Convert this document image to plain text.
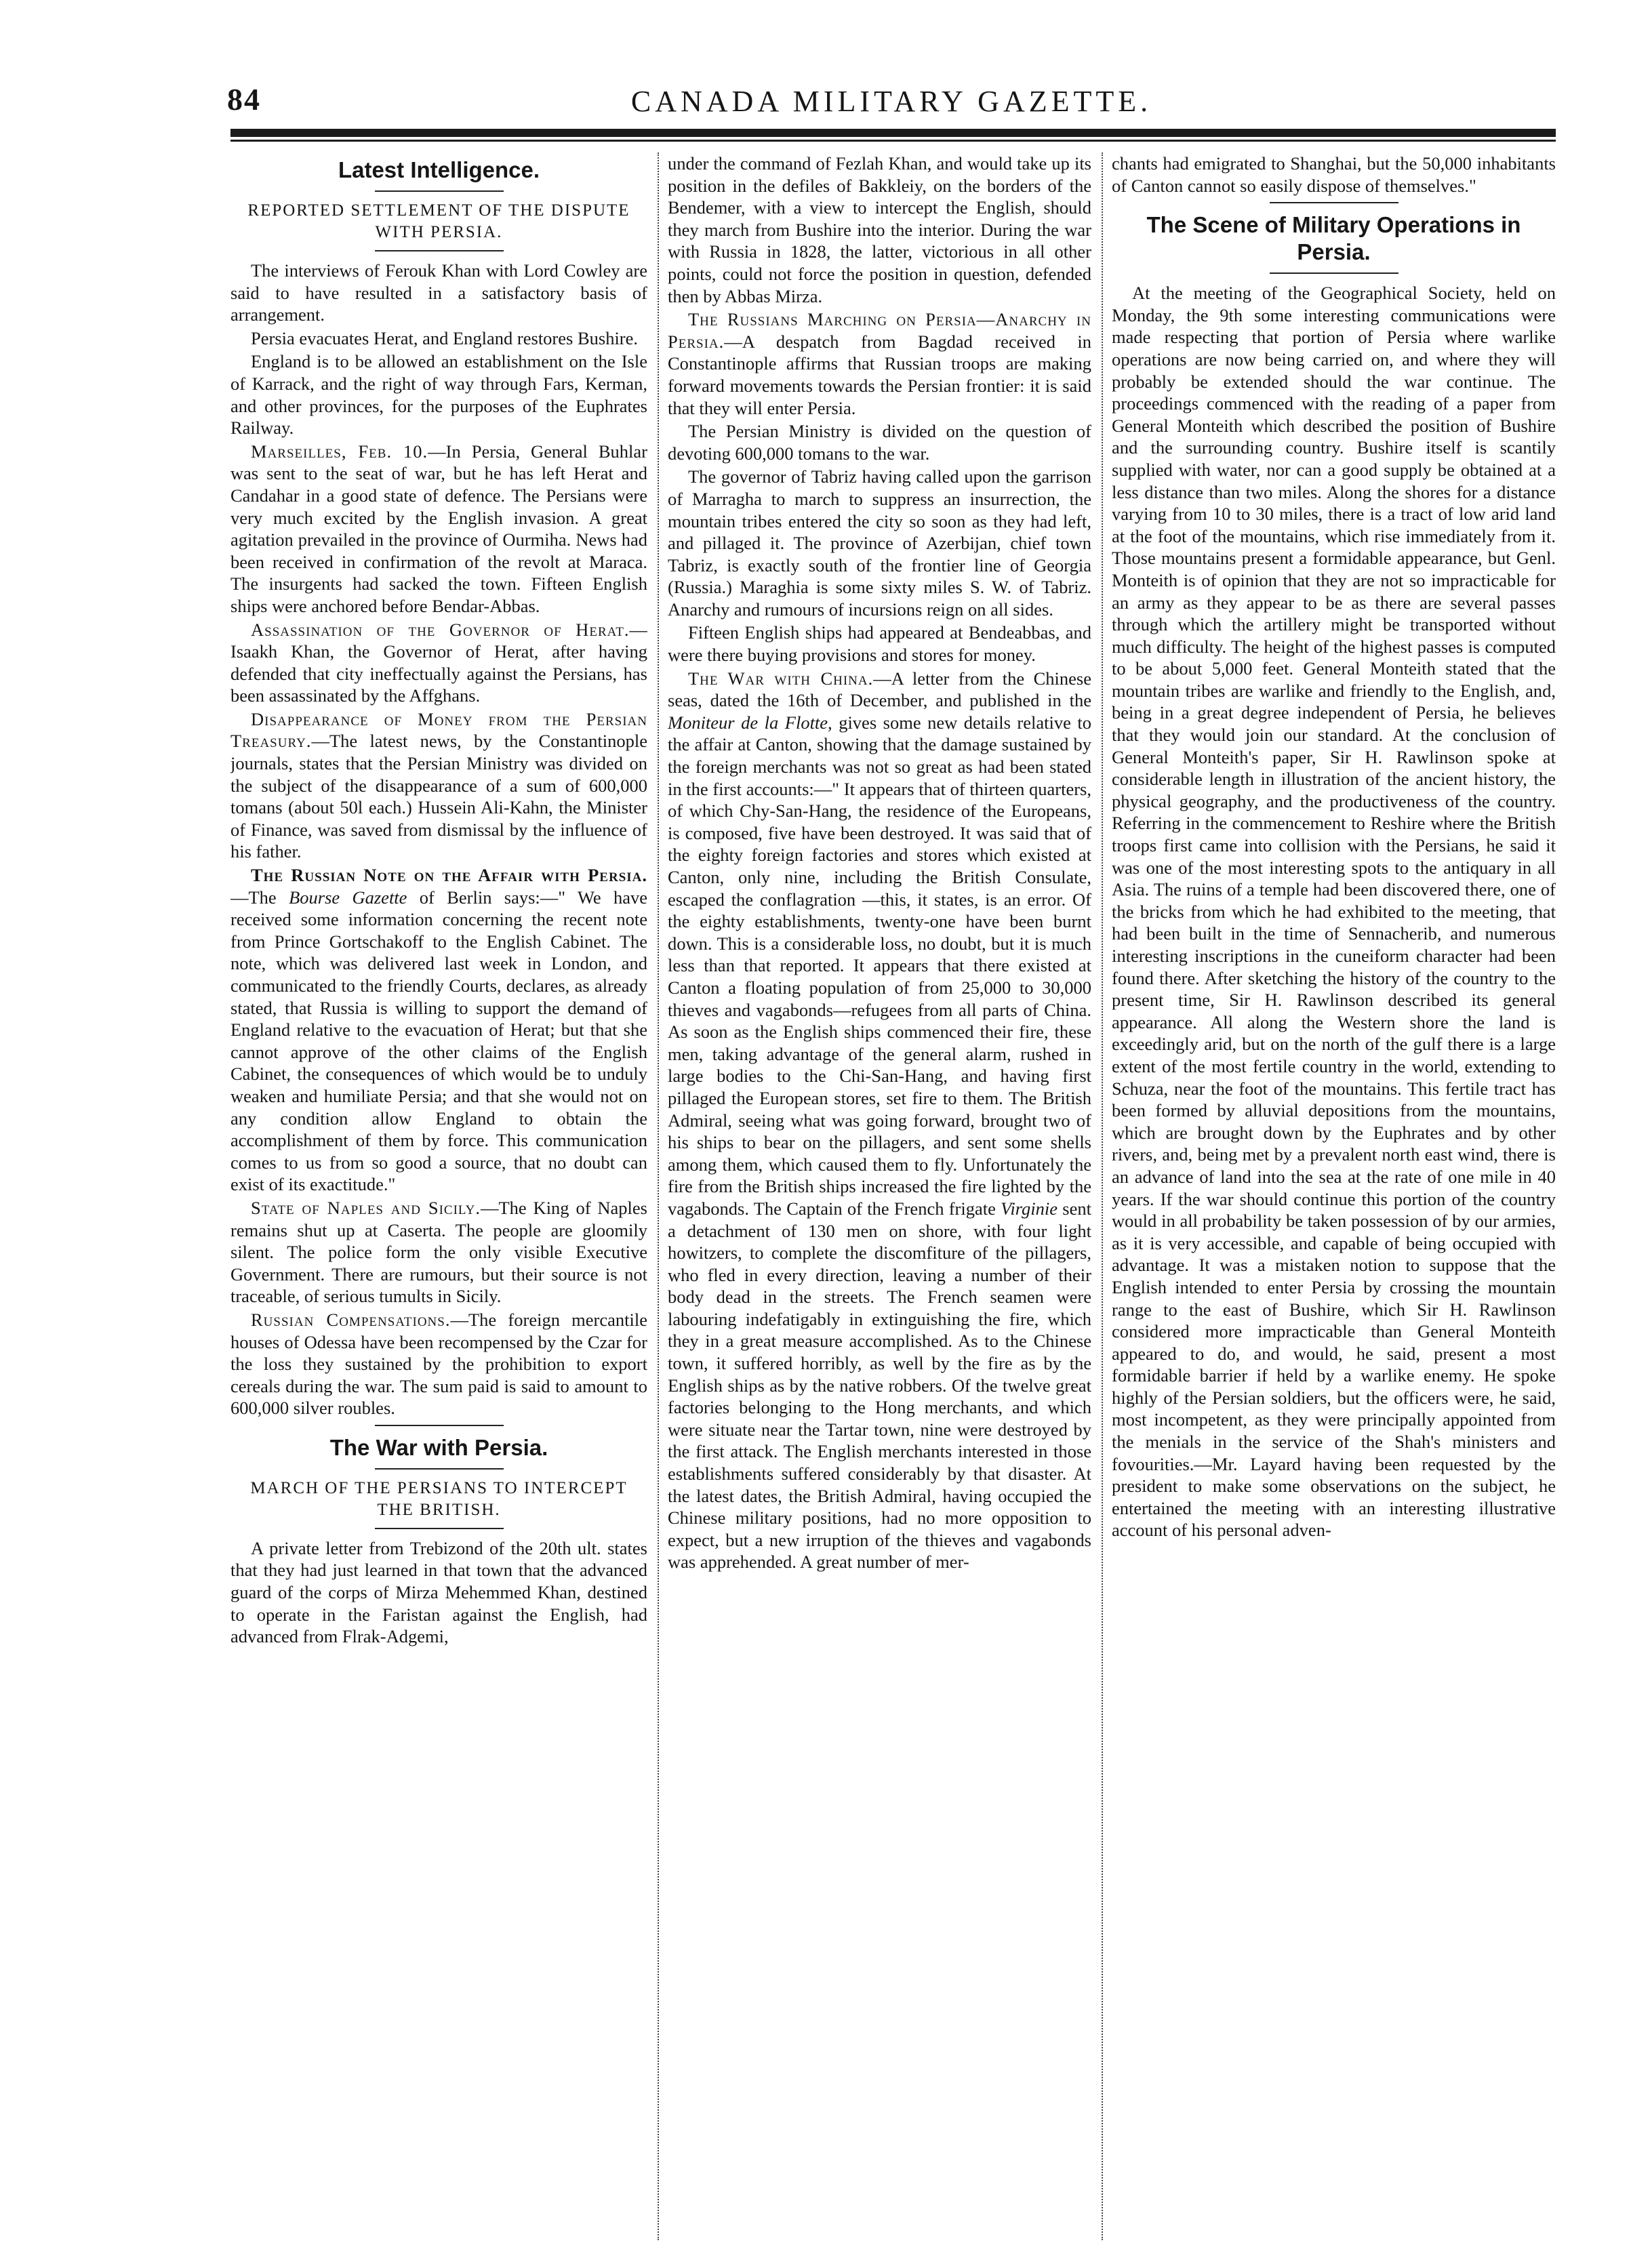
84	CANADA MILITARY GAZETTE.
Latest Intelligence.
REPORTED SETTLEMENT OF THE DISPUTE WITH PERSIA.

The interviews of Ferouk Khan with Lord Cowley are said to have resulted in a satisfactory basis of arrangement.

Persia evacuates Herat, and England restores Bushire.

England is to be allowed an establishment on the Isle of Karrack, and the right of way through Fars, Kerman, and other provinces, for the purposes of the Euphrates Railway.

Marseilles, Feb. 10.—In Persia, General Buhlar was sent to the seat of war, but he has left Herat and Candahar in a good state of defence. The Persians were very much excited by the English invasion. A great agitation prevailed in the province of Ourmiha. News had been received in confirmation of the revolt at Maraca. The insurgents had sacked the town. Fifteen English ships were anchored before Bendar-Abbas.

Assassination of the Governor of Herat.—Isaakh Khan, the Governor of Herat, after having defended that city ineffectually against the Persians, has been assassinated by the Affghans.

Disappearance of Money from the Persian Treasury.—The latest news, by the Constantinople journals, states that the Persian Ministry was divided on the subject of the disappearance of a sum of 600,000 tomans (about 50l each.) Hussein Ali-Kahn, the Minister of Finance, was saved from dismissal by the influence of his father.

The Russian Note on the Affair with Persia.—The Bourse Gazette of Berlin says:—" We have received some information concerning the recent note from Prince Gortschakoff to the English Cabinet. The note, which was delivered last week in London, and communicated to the friendly Courts, declares, as already stated, that Russia is willing to support the demand of England relative to the evacuation of Herat; but that she cannot approve of the other claims of the English Cabinet, the consequences of which would be to unduly weaken and humiliate Persia; and that she would not on any condition allow England to obtain the accomplishment of them by force. This communication comes to us from so good a source, that no doubt can exist of its exactitude."

State of Naples and Sicily.—The King of Naples remains shut up at Caserta. The people are gloomily silent. The police form the only visible Executive Government. There are rumours, but their source is not traceable, of serious tumults in Sicily.

Russian Compensations.—The foreign mercantile houses of Odessa have been recompensed by the Czar for the loss they sustained by the prohibition to export cereals during the war. The sum paid is said to amount to 600,000 silver roubles.

The War with Persia.
MARCH OF THE PERSIANS TO INTERCEPT THE BRITISH.

A private letter from Trebizond of the 20th ult. states that they had just learned in that town that the advanced guard of the corps of Mirza Mehemmed Khan, destined to operate in the Faristan against the English, had advanced from Flrak-Adgemi,

under the command of Fezlah Khan, and would take up its position in the defiles of Bakkleiy, on the borders of the Bendemer, with a view to intercept the English, should they march from Bushire into the interior. During the war with Russia in 1828, the latter, victorious in all other points, could not force the position in question, defended then by Abbas Mirza.

The Russians Marching on Persia—Anarchy in Persia.—A despatch from Bagdad received in Constantinople affirms that Russian troops are making forward movements towards the Persian frontier: it is said that they will enter Persia.

The Persian Ministry is divided on the question of devoting 600,000 tomans to the war.

The governor of Tabriz having called upon the garrison of Marragha to march to suppress an insurrection, the mountain tribes entered the city so soon as they had left, and pillaged it. The province of Azerbijan, chief town Tabriz, is exactly south of the frontier line of Georgia (Russia.) Maraghia is some sixty miles S. W. of Tabriz. Anarchy and rumours of incursions reign on all sides.

Fifteen English ships had appeared at Bendeabbas, and were there buying provisions and stores for money.

The War with China.—A letter from the Chinese seas, dated the 16th of December, and published in the Moniteur de la Flotte, gives some new details relative to the affair at Canton, showing that the damage sustained by the foreign merchants was not so great as had been stated in the first accounts:—" It appears that of thirteen quarters, of which Chy-San-Hang, the residence of the Europeans, is composed, five have been destroyed. It was said that of the eighty foreign factories and stores which existed at Canton, only nine, including the British Consulate, escaped the conflagration —this, it states, is an error. Of the eighty establishments, twenty-one have been burnt down. This is a considerable loss, no doubt, but it is much less than that reported. It appears that there existed at Canton a floating population of from 25,000 to 30,000 thieves and vagabonds—refugees from all parts of China. As soon as the English ships commenced their fire, these men, taking advantage of the general alarm, rushed in large bodies to the Chi-San-Hang, and having first pillaged the European stores, set fire to them. The British Admiral, seeing what was going forward, brought two of his ships to bear on the pillagers, and sent some shells among them, which caused them to fly. Unfortunately the fire from the British ships increased the fire lighted by the vagabonds. The Captain of the French frigate Virginie sent a detachment of 130 men on shore, with four light howitzers, to complete the discomfiture of the pillagers, who fled in every direction, leaving a number of their body dead in the streets. The French seamen were labouring indefatigably in extinguishing the fire, which they in a great measure accomplished. As to the Chinese town, it suffered horribly, as well by the fire as by the English ships as by the native robbers. Of the twelve great factories belonging to the Hong merchants, and which were situate near the Tartar town, nine were destroyed by the first attack. The English merchants interested in those establishments suffered considerably by that disaster. At the latest dates, the British Admiral, having occupied the Chinese military positions, had no more opposition to expect, but a new irruption of the thieves and vagabonds was apprehended. A great number of mer-

chants had emigrated to Shanghai, but the 50,000 inhabitants of Canton cannot so easily dispose of themselves."

The Scene of Military Operations in Persia.

At the meeting of the Geographical Society, held on Monday, the 9th some interesting communications were made respecting that portion of Persia where warlike operations are now being carried on, and where they will probably be extended should the war continue. The proceedings commenced with the reading of a paper from General Monteith which described the position of Bushire and the surrounding country. Bushire itself is scantily supplied with water, nor can a good supply be obtained at a less distance than two miles. Along the shores for a distance varying from 10 to 30 miles, there is a tract of low arid land at the foot of the mountains, which rise immediately from it. Those mountains present a formidable appearance, but Genl. Monteith is of opinion that they are not so impracticable for an army as they appear to be as there are several passes through which the artillery might be transported without much difficulty. The height of the highest passes is computed to be about 5,000 feet. General Monteith stated that the mountain tribes are warlike and friendly to the English, and, being in a great degree independent of Persia, he believes that they would join our standard. At the conclusion of General Monteith's paper, Sir H. Rawlinson spoke at considerable length in illustration of the ancient history, the physical geography, and the productiveness of the country. Referring in the commencement to Reshire where the British troops first came into collision with the Persians, he said it was one of the most interesting spots to the antiquary in all Asia. The ruins of a temple had been discovered there, one of the bricks from which he had exhibited to the meeting, that had been built in the time of Sennacherib, and numerous interesting inscriptions in the cuneiform character had been found there. After sketching the history of the country to the present time, Sir H. Rawlinson described its general appearance. All along the Western shore the land is exceedingly arid, but on the north of the gulf there is a large extent of the most fertile country in the world, extending to Schuza, near the foot of the mountains. This fertile tract has been formed by alluvial depositions from the mountains, which are brought down by the Euphrates and by other rivers, and, being met by a prevalent north east wind, there is an advance of land into the sea at the rate of one mile in 40 years. If the war should continue this portion of the country would in all probability be taken possession of by our armies, as it is very accessible, and capable of being occupied with advantage. It was a mistaken notion to suppose that the English intended to enter Persia by crossing the mountain range to the east of Bushire, which Sir H. Rawlinson considered more impracticable than General Monteith appeared to do, and would, he said, present a most formidable barrier if held by a warlike enemy. He spoke highly of the Persian soldiers, but the officers were, he said, most incompetent, as they were principally appointed from the menials in the service of the Shah's ministers and fovourities.—Mr. Layard having been requested by the president to make some observations on the subject, he entertained the meeting with an interesting illustrative account of his personal adven-
